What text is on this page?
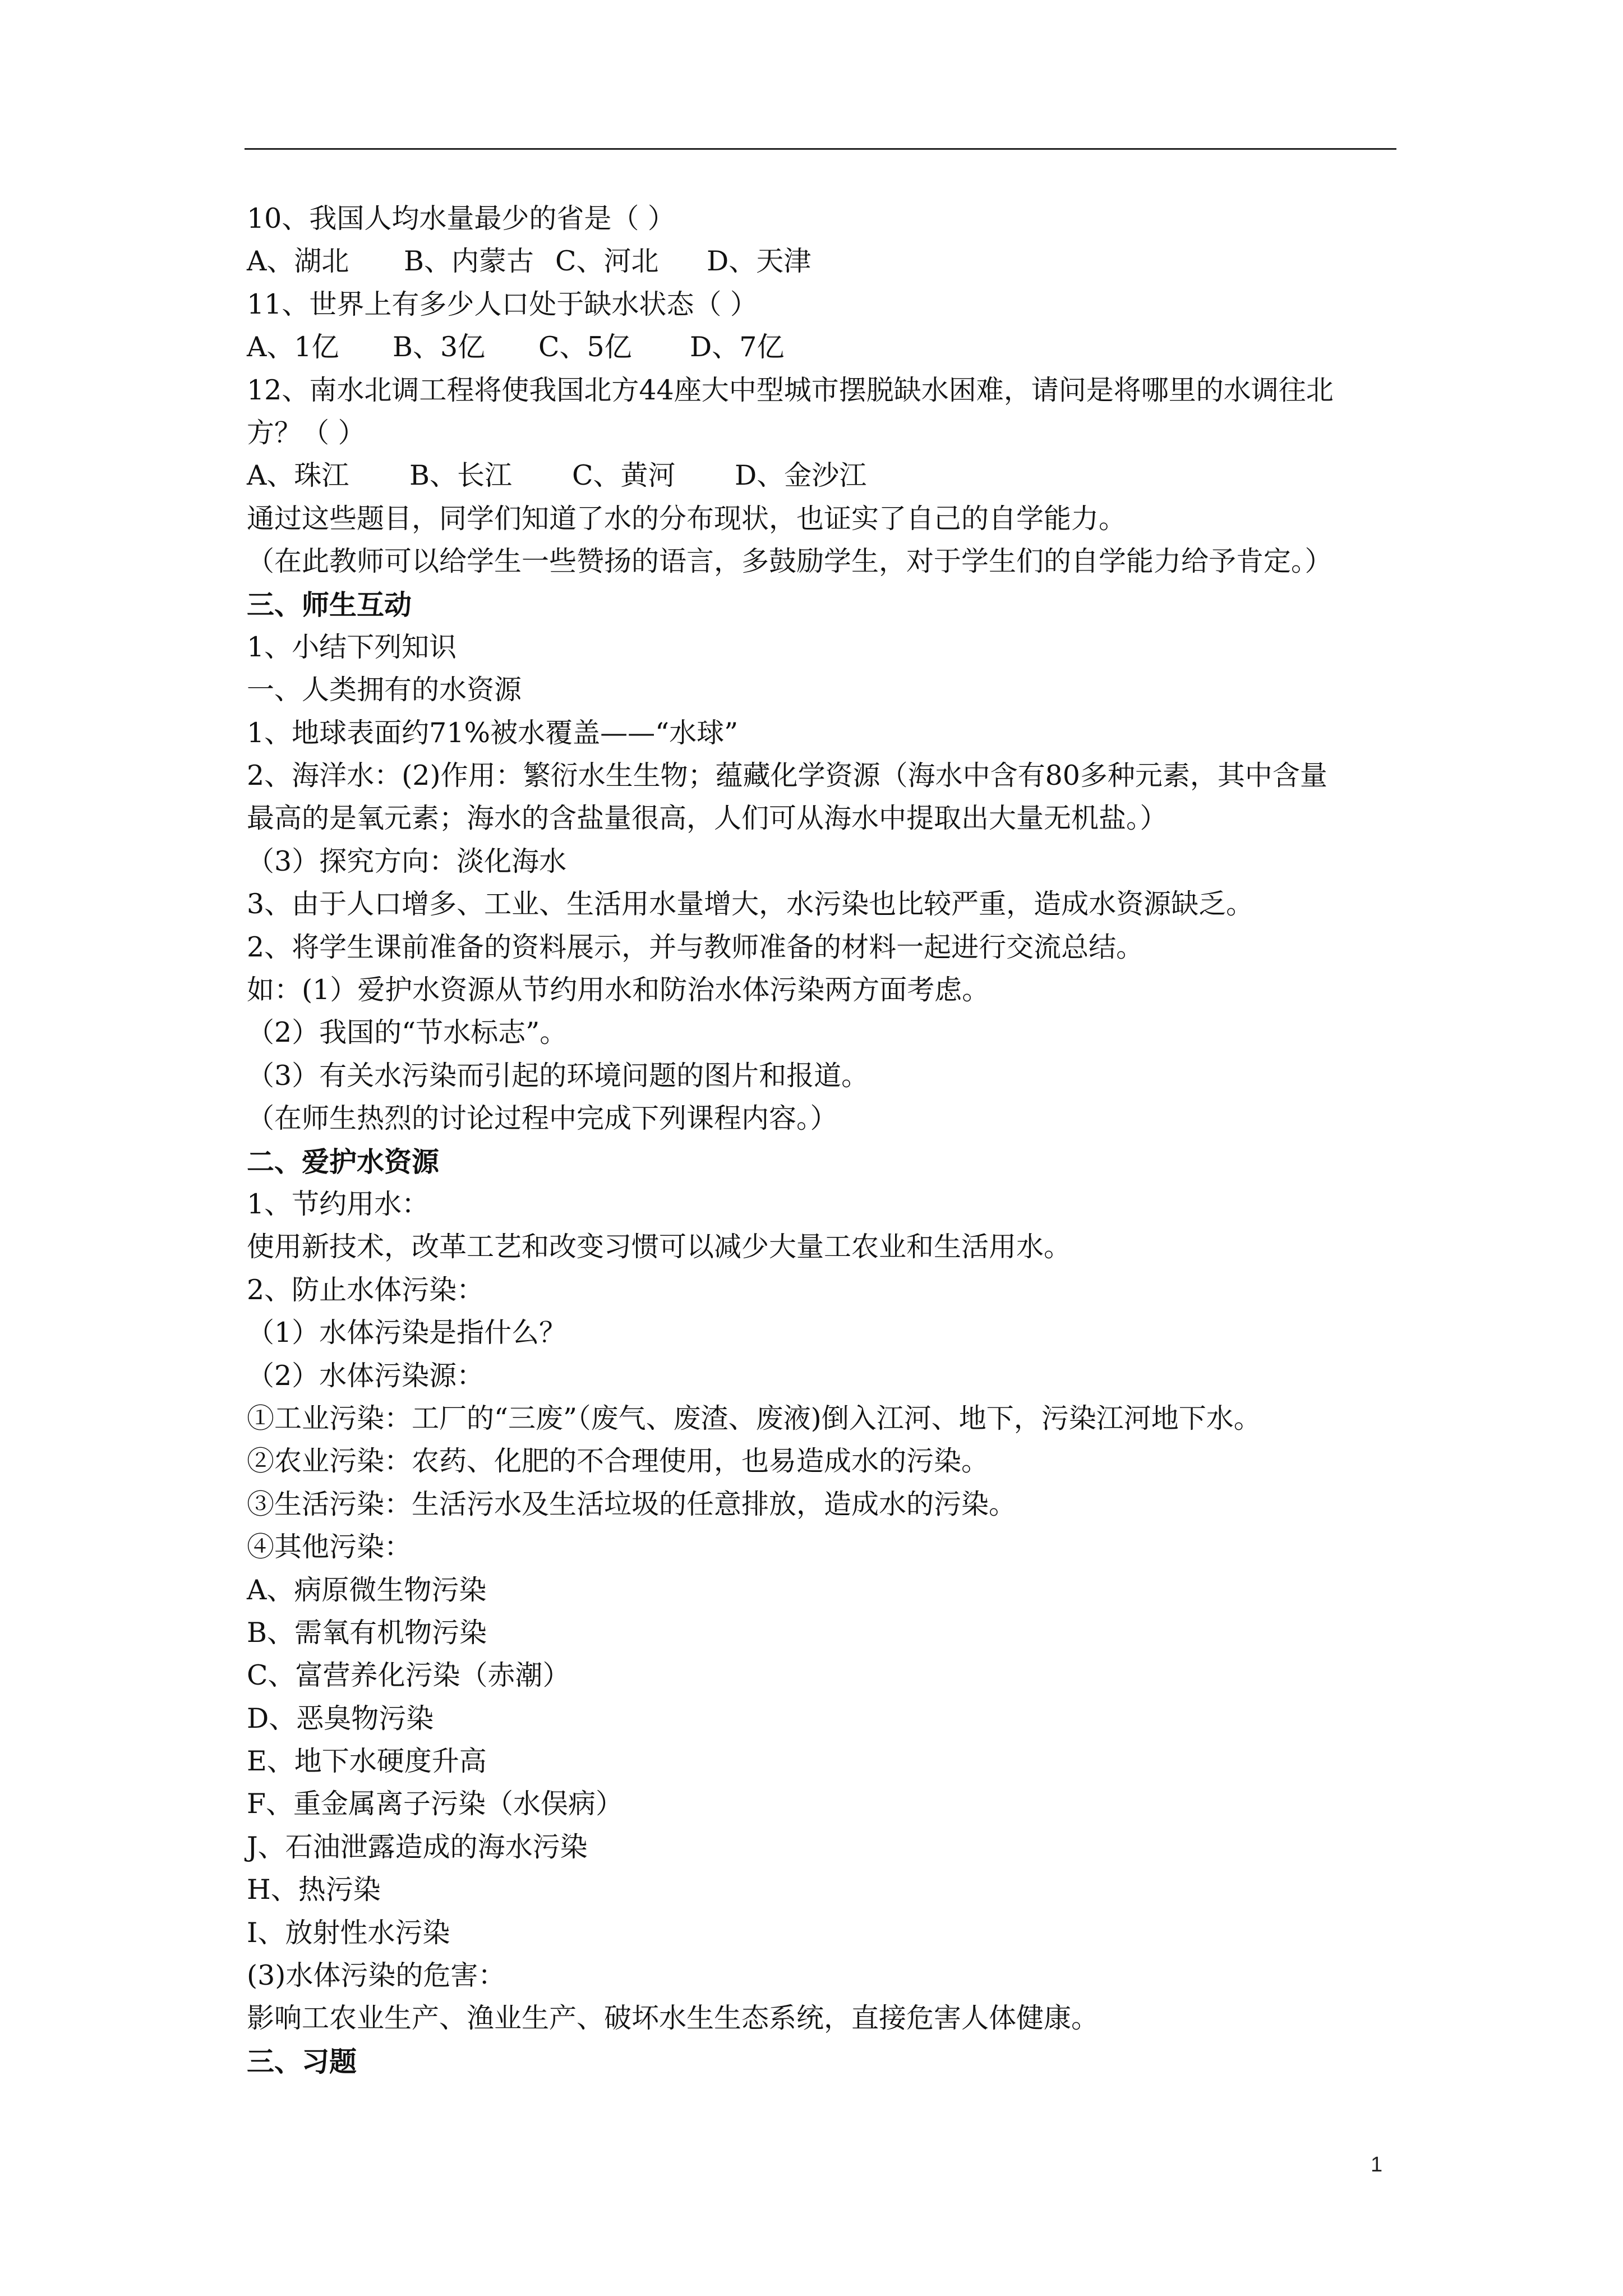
10、我国人均水量最少的省是（ ）

A、湖北	B、内蒙古 C、河北	D、天津

11、世界上有多少人口处于缺水状态（ ）

A、1亿	B、3亿	C、5亿	D、7亿

12、南水北调工程将使我国北方44座大中型城市摆脱缺水困难，请问是将哪里的水调往北

方？（ ）

A、珠江	B、长江	C、黄河	D、金沙江

通过这些题目，同学们知道了水的分布现状，也证实了自己的自学能力。

（在此教师可以给学生一些赞扬的语言，多鼓励学生，对于学生们的自学能力给予肯定。）

三、师生互动

1、小结下列知识

一、人类拥有的水资源

1、地球表面约71%被水覆盖——“水球”

2、海洋水：(2)作用：繁衍水生生物；蕴藏化学资源（海水中含有80多种元素，其中含量

最高的是氧元素；海水的含盐量很高，人们可从海水中提取出大量无机盐。）

（3）探究方向：淡化海水

3、由于人口增多、工业、生活用水量增大，水污染也比较严重，造成水资源缺乏。

2、将学生课前准备的资料展示，并与教师准备的材料一起进行交流总结。

如：(1）爱护水资源从节约用水和防治水体污染两方面考虑。

（2）我国的“节水标志”。

（3）有关水污染而引起的环境问题的图片和报道。

（在师生热烈的讨论过程中完成下列课程内容。）

二、爱护水资源

1、节约用水：

使用新技术，改革工艺和改变习惯可以减少大量工农业和生活用水。

2、防止水体污染：

（1）水体污染是指什么？

（2）水体污染源：

①工业污染：工厂的“三废”（废气、废渣、废液)倒入江河、地下，污染江河地下水。

②农业污染：农药、化肥的不合理使用，也易造成水的污染。

③生活污染：生活污水及生活垃圾的任意排放，造成水的污染。

④其他污染：

A、病原微生物污染

B、需氧有机物污染

C、富营养化污染（赤潮）

D、恶臭物污染

E、地下水硬度升高

F、重金属离子污染（水俣病）

J、石油泄露造成的海水污染

H、热污染

I、放射性水污染

(3)水体污染的危害：

影响工农业生产、渔业生产、破坏水生生态系统，直接危害人体健康。

三、习题

1
